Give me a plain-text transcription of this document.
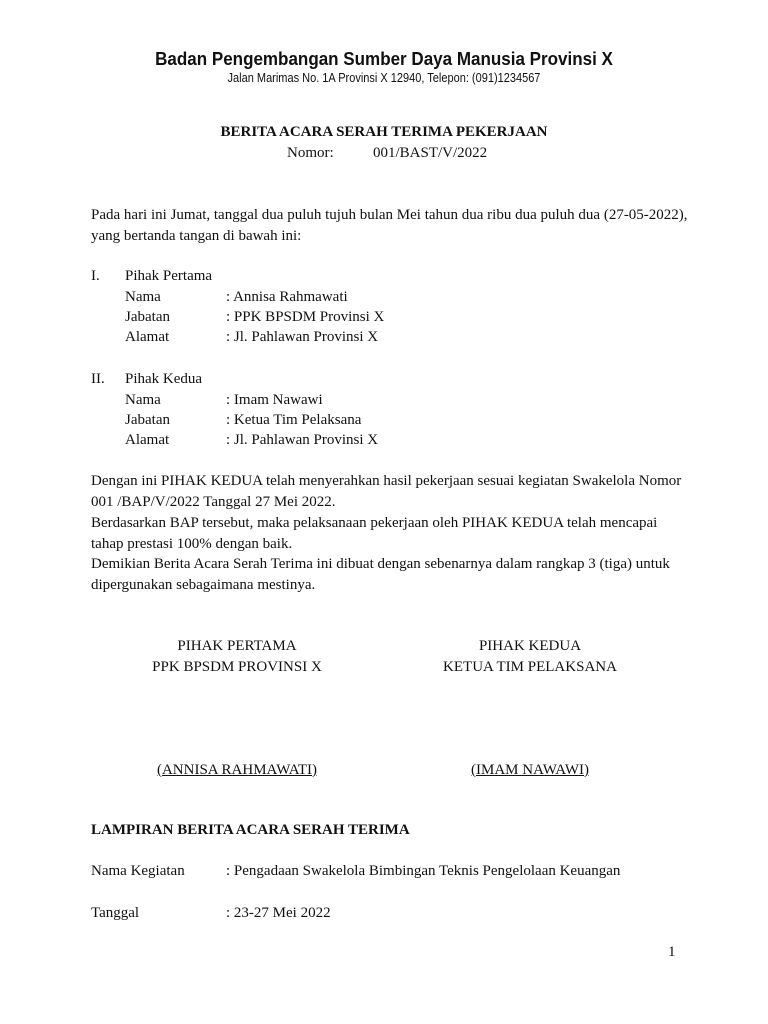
Badan Pengembangan Sumber Daya Manusia Provinsi X
Jalan Marimas No. 1A Provinsi X 12940, Telepon: (091)1234567
BERITA ACARA SERAH TERIMA PEKERJAAN
Nomor:	001/BAST/V/2022
Pada hari ini Jumat, tanggal dua puluh tujuh bulan Mei tahun dua ribu dua puluh dua (27-05-2022),
yang bertanda tangan di bawah ini:
I. Pihak Pertama
Nama	: Annisa Rahmawati
Jabatan	: PPK BPSDM Provinsi X
Alamat	: Jl. Pahlawan Provinsi X
II. Pihak Kedua
Nama	: Imam Nawawi
Jabatan	: Ketua Tim Pelaksana
Alamat	: Jl. Pahlawan Provinsi X
Dengan ini PIHAK KEDUA telah menyerahkan hasil pekerjaan sesuai kegiatan Swakelola Nomor
001 /BAP/V/2022 Tanggal 27 Mei 2022.
Berdasarkan BAP tersebut, maka pelaksanaan pekerjaan oleh PIHAK KEDUA telah mencapai
tahap prestasi 100% dengan baik.
Demikian Berita Acara Serah Terima ini dibuat dengan sebenarnya dalam rangkap 3 (tiga) untuk
dipergunakan sebagaimana mestinya.
PIHAK PERTAMA
PPK BPSDM PROVINSI X
PIHAK KEDUA
KETUA TIM PELAKSANA
(ANNISA RAHMAWATI)	(IMAM NAWAWI)
LAMPIRAN BERITA ACARA SERAH TERIMA
Nama Kegiatan	: Pengadaan Swakelola Bimbingan Teknis Pengelolaan Keuangan
Tanggal	: 23-27 Mei 2022
1
